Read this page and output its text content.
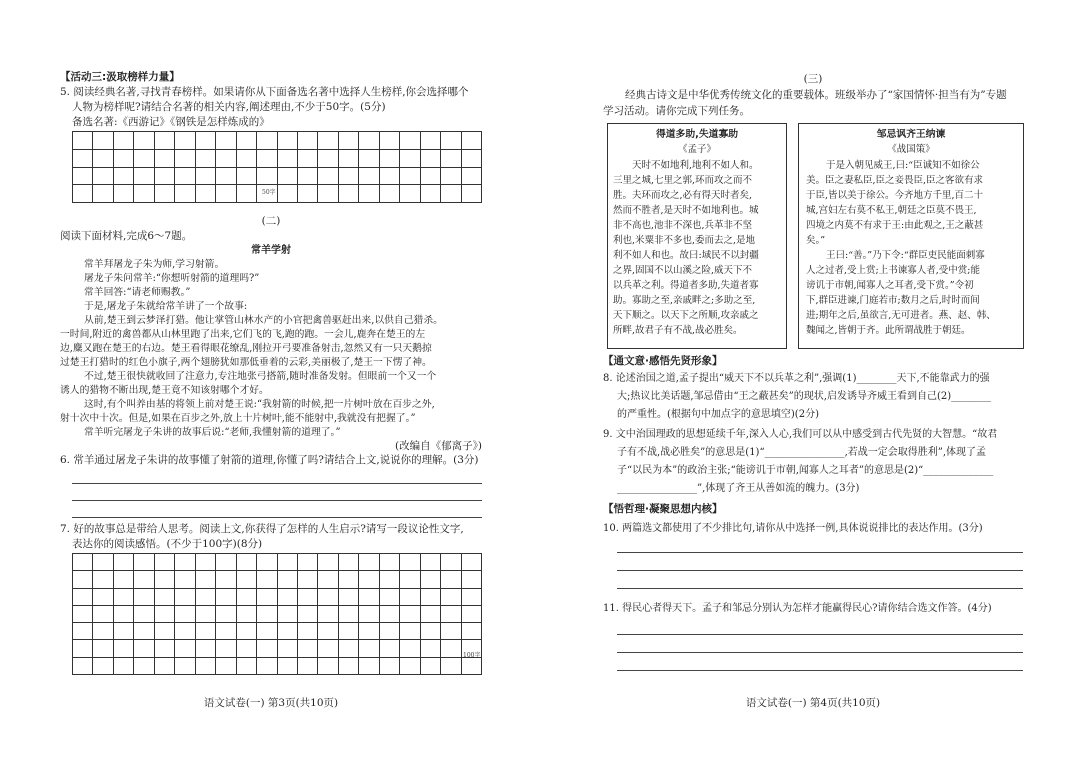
【活动三:汲取榜样力量】
5. 阅读经典名著,寻找青春榜样。如果请你从下面备选名著中选择人生榜样,你会选择哪个
人物为榜样呢?请结合名著的相关内容,阐述理由,不少于50字。(5分)
备选名著:《西游记》《钢铁是怎样炼成的》
50字
(二)
阅读下面材料,完成6～7题。
常羊学射
常羊拜屠龙子朱为师,学习射箭。
屠龙子朱问常羊:“你想听射箭的道理吗?”
常羊回答:“请老师赐教。”
于是,屠龙子朱就给常羊讲了一个故事:
从前,楚王到云梦泽打猎。他让掌管山林水产的小官把禽兽驱赶出来,以供自己猎杀。
一时间,附近的禽兽都从山林里跑了出来,它们飞的飞,跑的跑。一会儿,鹿奔在楚王的左
边,麋又跑在楚王的右边。楚王看得眼花缭乱,刚拉开弓要准备射击,忽然又有一只天鹅掠
过楚王打猎时的红色小旗子,两个翅膀犹如那低垂着的云彩,美丽极了,楚王一下愣了神。
不过,楚王很快就收回了注意力,专注地张弓搭箭,随时准备发射。但眼前一个又一个
诱人的猎物不断出现,楚王竟不知该射哪个才好。
这时,有个叫养由基的将领上前对楚王说:“我射箭的时候,把一片树叶放在百步之外,
射十次中十次。但是,如果在百步之外,放上十片树叶,能不能射中,我就没有把握了。”
常羊听完屠龙子朱讲的故事后说:“老师,我懂射箭的道理了。”
(改编自《郁离子》)
6. 常羊通过屠龙子朱讲的故事懂了射箭的道理,你懂了吗?请结合上文,说说你的理解。(3分)
7. 好的故事总是带给人思考。阅读上文,你获得了怎样的人生启示?请写一段议论性文字,
表达你的阅读感悟。(不少于100字)(8分)
100字
语文试卷(一) 第3页(共10页)
(三)
经典古诗文是中华优秀传统文化的重要载体。班级举办了“家国情怀·担当有为”专题
学习活动。请你完成下列任务。
得道多助,失道寡助
《孟子》
天时不如地利,地利不如人和。
三里之城,七里之郭,环而攻之而不
胜。夫环而攻之,必有得天时者矣,
然而不胜者,是天时不如地利也。城
非不高也,池非不深也,兵革非不坚
利也,米粟非不多也,委而去之,是地
利不如人和也。故曰:域民不以封疆
之界,固国不以山溪之险,威天下不
以兵革之利。得道者多助,失道者寡
助。寡助之至,亲戚畔之;多助之至,
天下顺之。以天下之所顺,攻亲戚之
所畔,故君子有不战,战必胜矣。
邹忌讽齐王纳谏
《战国策》
于是入朝见威王,曰:“臣诚知不如徐公
美。臣之妻私臣,臣之妾畏臣,臣之客欲有求
于臣,皆以美于徐公。今齐地方千里,百二十
城,宫妇左右莫不私王,朝廷之臣莫不畏王,
四境之内莫不有求于王:由此观之,王之蔽甚
矣。”
王曰:“善。”乃下令:“群臣吏民能面刺寡
人之过者,受上赏;上书谏寡人者,受中赏;能
谤讥于市朝,闻寡人之耳者,受下赏。”令初
下,群臣进谏,门庭若市;数月之后,时时而间
进;期年之后,虽欲言,无可进者。燕、赵、韩、
魏闻之,皆朝于齐。此所谓战胜于朝廷。
【通文意·感悟先贤形象】
8. 论述治国之道,孟子提出“威天下不以兵革之利”,强调(1)________天下,不能靠武力的强
大;热议比美话题,邹忌借由“王之蔽甚矣”的现状,启发诱导齐威王看到自己(2)________
的严重性。(根据句中加点字的意思填空)(2分)
9. 文中治国理政的思想延续千年,深入人心,我们可以从中感受到古代先贤的大智慧。“故君
子有不战,战必胜矣”的意思是(1)“________________,若战一定会取得胜利”,体现了孟
子“以民为本”的政治主张;“能谤讥于市朝,闻寡人之耳者”的意思是(2)“______________
________________”,体现了齐王从善如流的魄力。(3分)
【悟哲理·凝聚思想内核】
10. 两篇选文都使用了不少排比句,请你从中选择一例,具体说说排比的表达作用。(3分)
11. 得民心者得天下。孟子和邹忌分别认为怎样才能赢得民心?请你结合选文作答。(4分)
语文试卷(一) 第4页(共10页)
